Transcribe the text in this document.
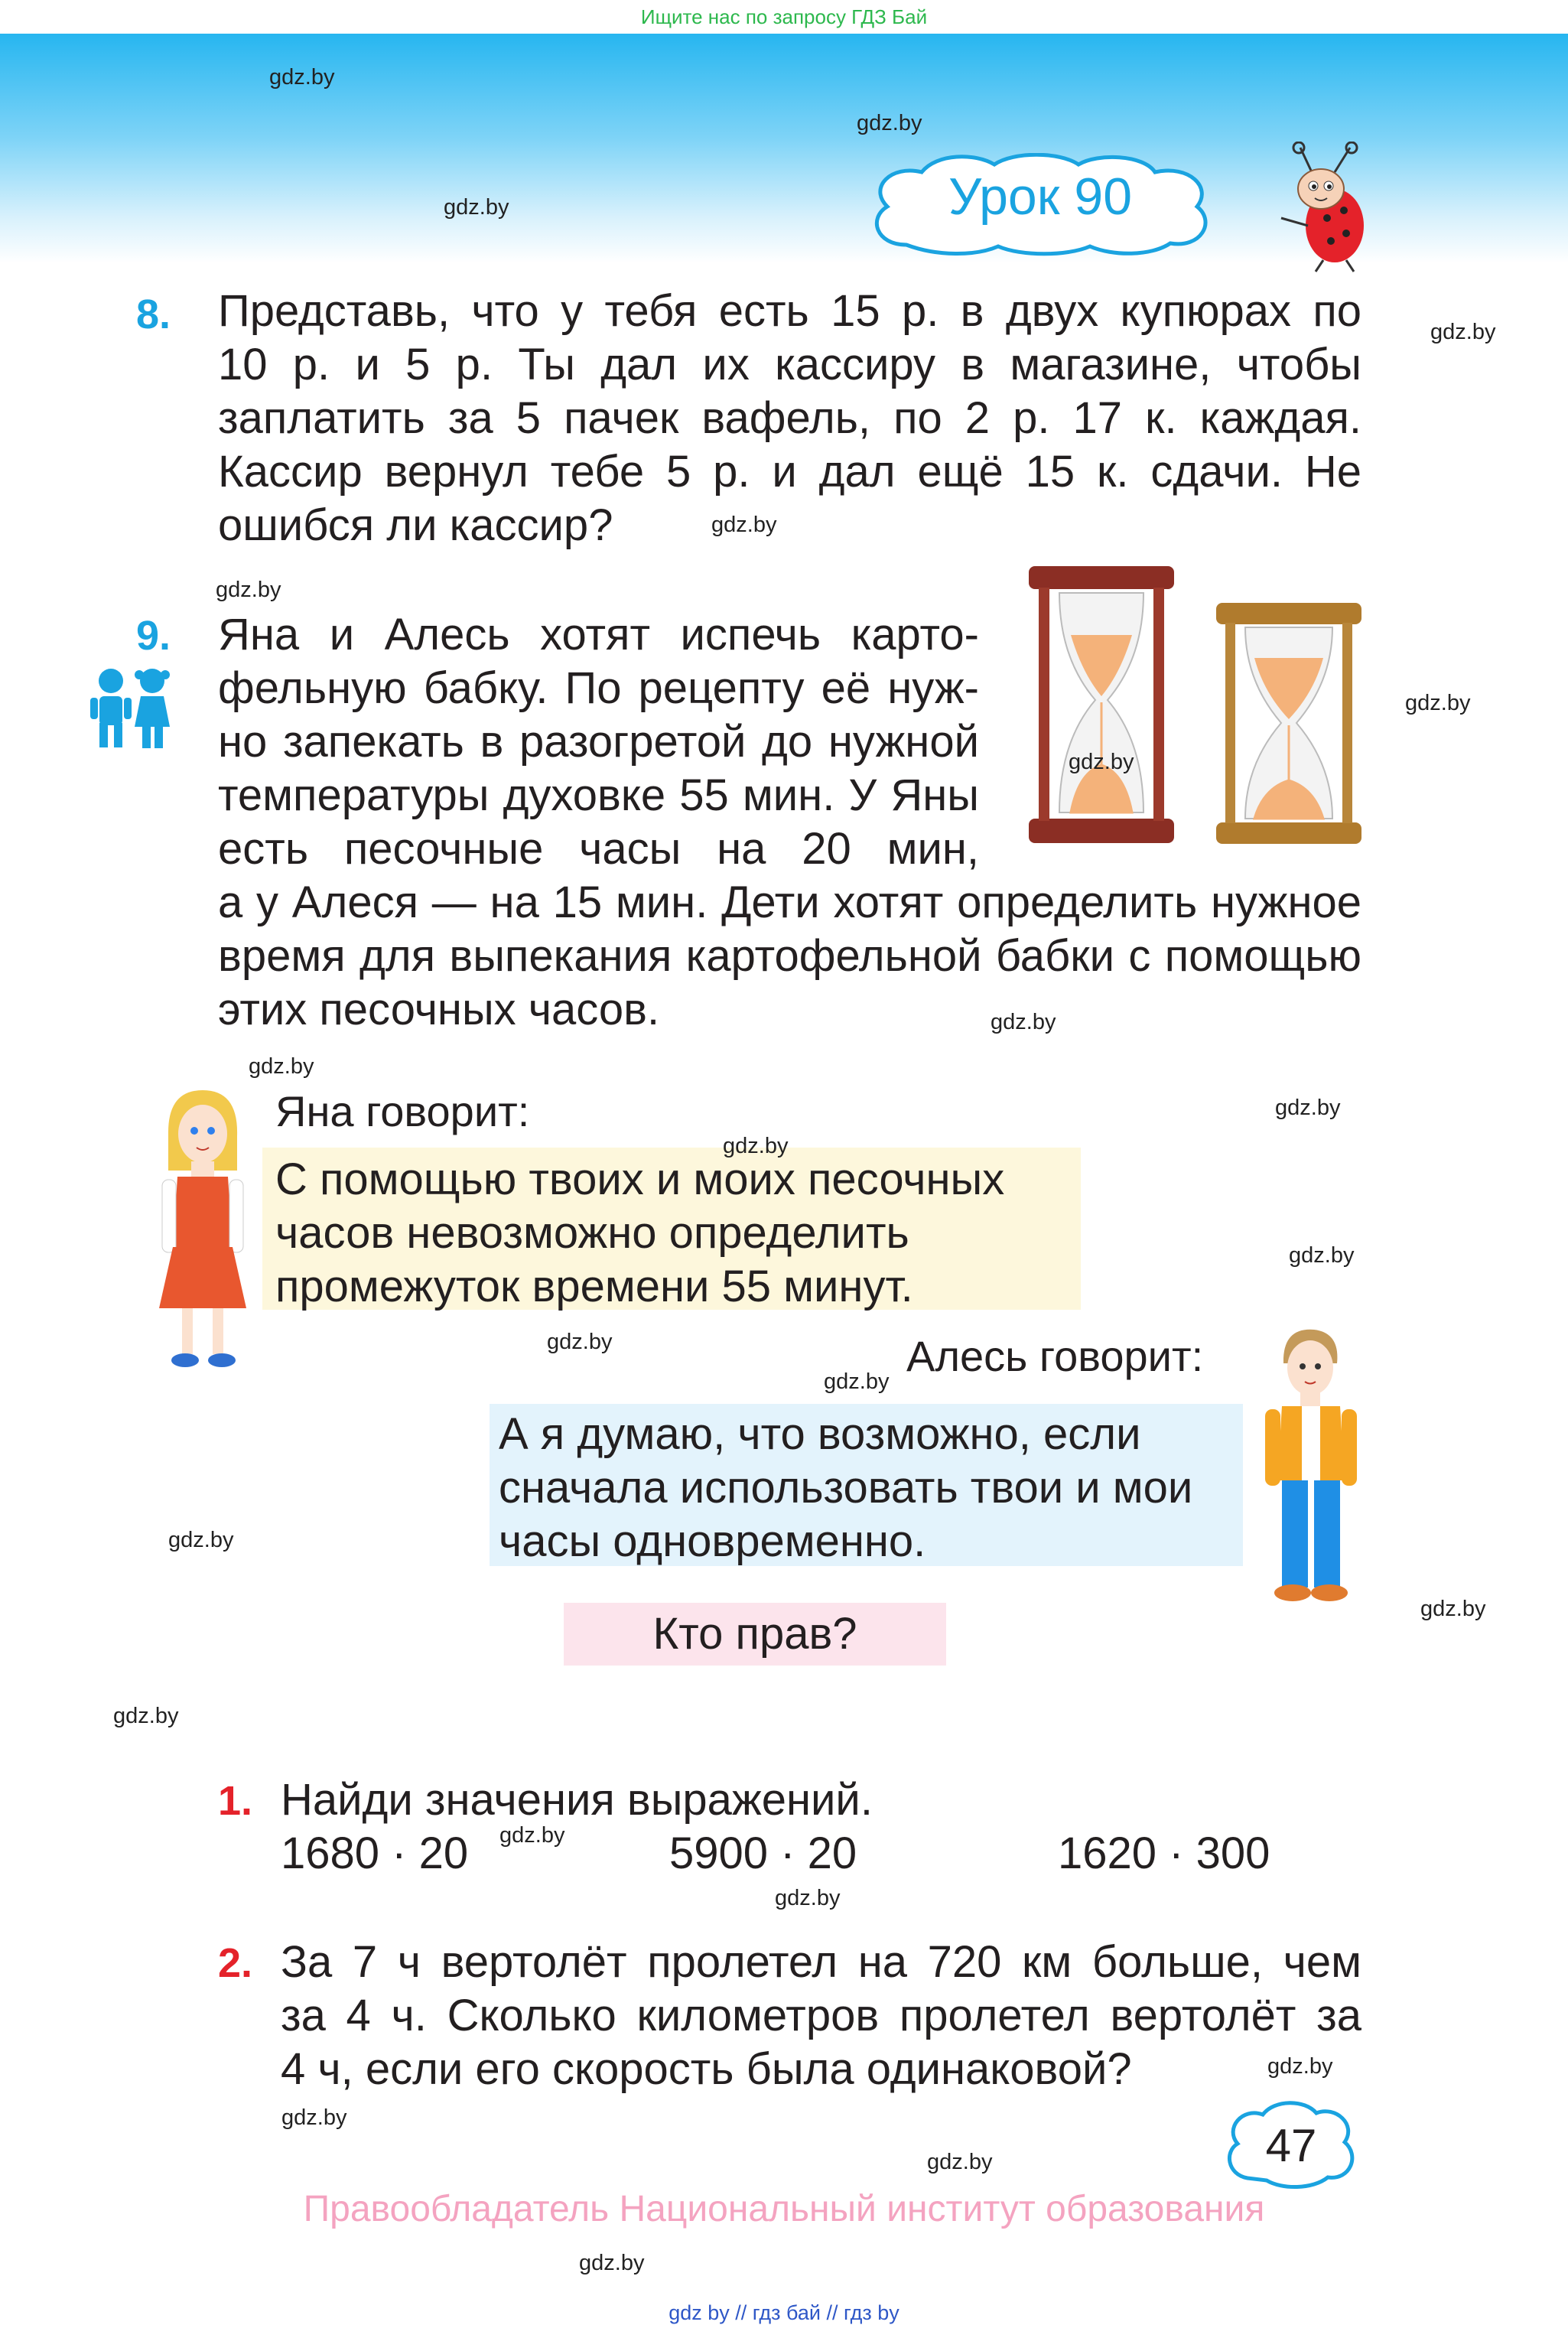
Ищите нас по запросу ГДЗ Бай
Урок 90
8. Представь, что у тебя есть 15 р. в двух купюрах по
10 р. и 5 р. Ты дал их кассиру в магазине, чтобы
заплатить за 5 пачек вафель, по 2 р. 17 к. каждая.
Кассир вернул тебе 5 р. и дал ещё 15 к. сдачи. Не
ошибся ли кассир?
9. Яна и Алесь хотят испечь карто-
фельную бабку. По рецепту её нуж-
но запекать в разогретой до нужной
температуры духовке 55 мин. У Яны
есть песочные часы на 20 мин,
а у Алеся — на 15 мин. Дети хотят определить нужное
время для выпекания картофельной бабки с помощью
этих песочных часов.
Яна говорит:
С помощью твоих и моих песочных
часов невозможно определить
промежуток времени 55 минут.
Алесь говорит:
А я думаю, что возможно, если
сначала использовать твои и мои
часы одновременно.
Кто прав?
1. Найди значения выражений.
1680 · 20	5900 · 20	1620 · 300
2. За 7 ч вертолёт пролетел на 720 км больше, чем
за 4 ч. Сколько километров пролетел вертолёт за
4 ч, если его скорость была одинаковой?
47
Правообладатель Национальный институт образования
gdz by // гдз бай // гдз by
gdz.by
gdz.by
gdz.by
gdz.by
gdz.by
gdz.by
gdz.by
gdz.by
gdz.by
gdz.by
gdz.by
gdz.by
gdz.by
gdz.by
gdz.by
gdz.by
gdz.by
gdz.by
gdz.by
gdz.by
gdz.by
gdz.by
gdz.by
gdz.by
